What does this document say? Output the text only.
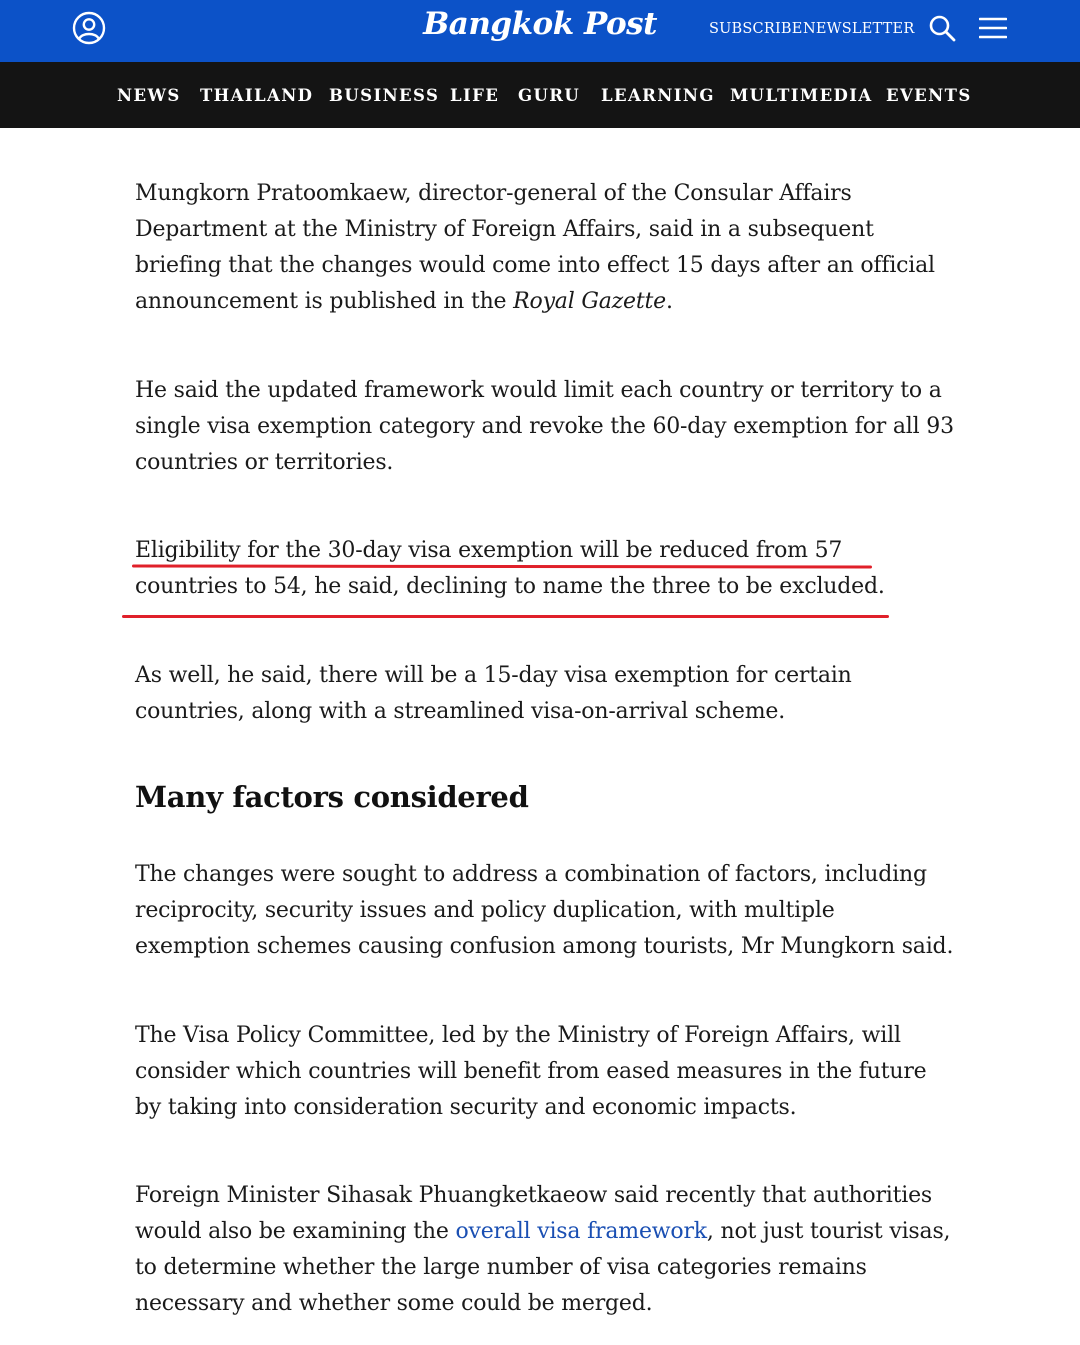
Bangkok Post	SUBSCRIBE NEWSLETTER
NEWS THAILAND BUSINESS LIFE GURU LEARNING MULTIMEDIA EVENTS

Mungkorn Pratoomkaew, director-general of the Consular Affairs Department at the Ministry of Foreign Affairs, said in a subsequent briefing that the changes would come into effect 15 days after an official announcement is published in the Royal Gazette.

He said the updated framework would limit each country or territory to a single visa exemption category and revoke the 60-day exemption for all 93 countries or territories.

Eligibility for the 30-day visa exemption will be reduced from 57 countries to 54, he said, declining to name the three to be excluded.

As well, he said, there will be a 15-day visa exemption for certain countries, along with a streamlined visa-on-arrival scheme.

Many factors considered

The changes were sought to address a combination of factors, including reciprocity, security issues and policy duplication, with multiple exemption schemes causing confusion among tourists, Mr Mungkorn said.

The Visa Policy Committee, led by the Ministry of Foreign Affairs, will consider which countries will benefit from eased measures in the future by taking into consideration security and economic impacts.

Foreign Minister Sihasak Phuangketkaeow said recently that authorities would also be examining the overall visa framework, not just tourist visas, to determine whether the large number of visa categories remains necessary and whether some could be merged.
